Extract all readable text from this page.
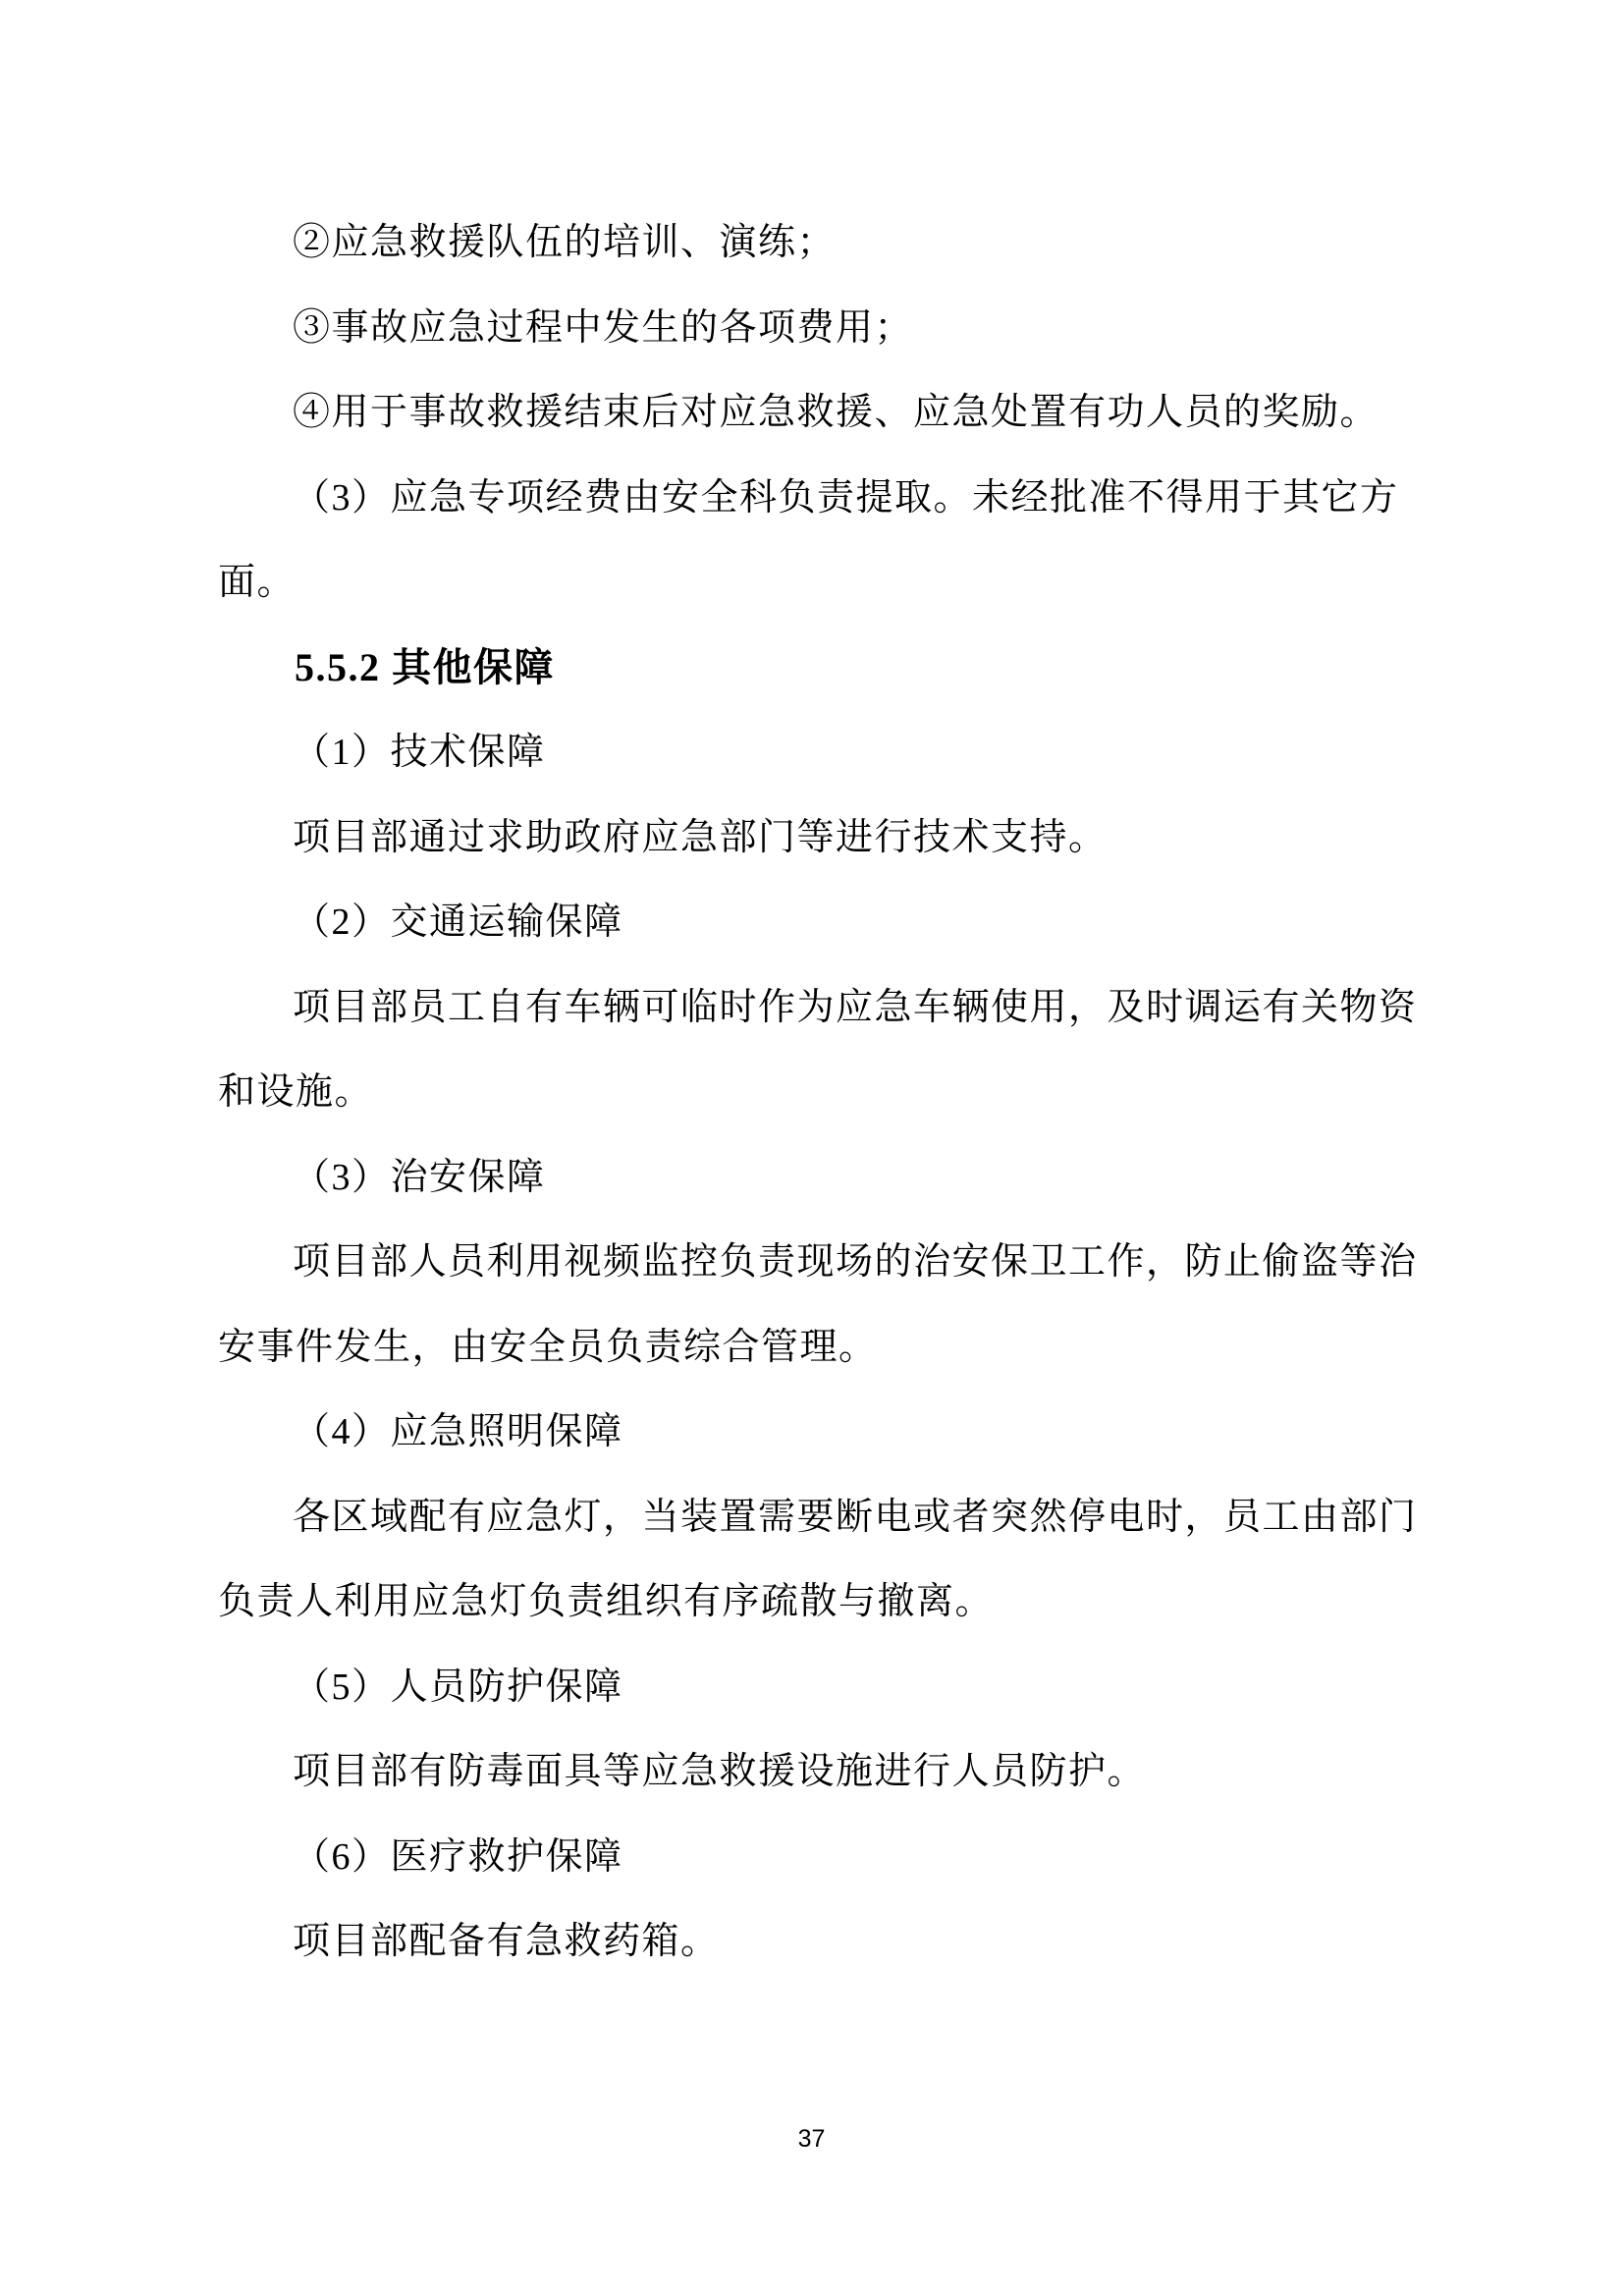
②应急救援队伍的培训、演练；
③事故应急过程中发生的各项费用；
④用于事故救援结束后对应急救援、应急处置有功人员的奖励。
（3）应急专项经费由安全科负责提取。未经批准不得用于其它方
面。
5.5.2 其他保障
（1）技术保障
项目部通过求助政府应急部门等进行技术支持。
（2）交通运输保障
项目部员工自有车辆可临时作为应急车辆使用，及时调运有关物资
和设施。
（3）治安保障
项目部人员利用视频监控负责现场的治安保卫工作，防止偷盗等治
安事件发生，由安全员负责综合管理。
（4）应急照明保障
各区域配有应急灯，当装置需要断电或者突然停电时，员工由部门
负责人利用应急灯负责组织有序疏散与撤离。
（5）人员防护保障
项目部有防毒面具等应急救援设施进行人员防护。
（6）医疗救护保障
项目部配备有急救药箱。
37
